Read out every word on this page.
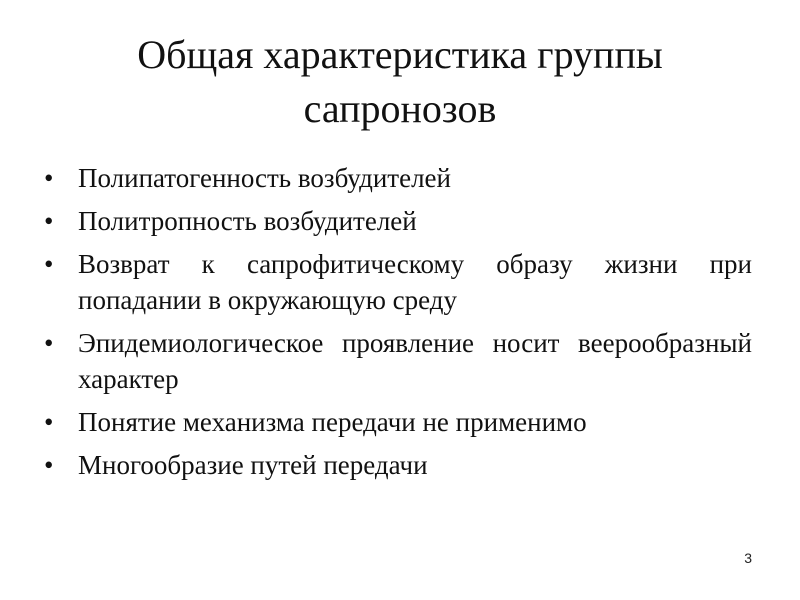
Общая характеристика группы сапронозов
• Полипатогенность возбудителей
• Политропность возбудителей
• Возврат к сапрофитическому образу жизни при попадании в окружающую среду
• Эпидемиологическое проявление носит веерообразный характер
• Понятие механизма передачи не применимо
• Многообразие путей передачи
3
